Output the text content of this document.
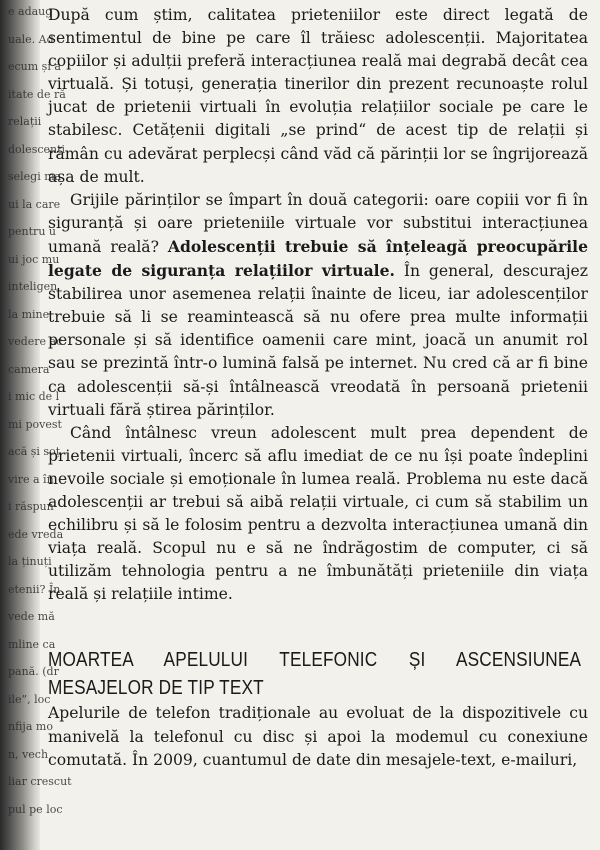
e adaug
uale. Ad
ecum și a
itate de ră
relații
dolescenți
selegi ma
ui la care
pentru u
ui joc mu
inteligen
la mine
vedere ac
camera
i mic de l
mi povest
acă și soț
vire a în
i răspun
ede vreda
la ținuți
etenii? În
vede mă
mline ca
pană. (dr
ile”, loc
nfija mo
n, vech
liar crescut
pul pe loc

După cum știm, calitatea prieteniilor este direct legată de sentimentul de bine pe care îl trăiesc adolescenții. Majoritatea copiilor și adulții preferă interacțiunea reală mai degrabă decât cea virtuală. Și totuși, generația tinerilor din prezent recunoaște rolul jucat de prietenii virtuali în evoluția relațiilor sociale pe care le stabilesc. Cetățenii digitali „se prind“ de acest tip de relații și rămân cu adevărat perplecși când văd că părinții lor se îngrijorează așa de mult.

Grijile părinților se împart în două categorii: oare copiii vor fi în siguranță și oare prieteniile virtuale vor substitui interacțiunea umană reală? Adolescenții trebuie să înțeleagă preocupările legate de siguranța relațiilor virtuale. În general, descurajez stabilirea unor asemenea relații înainte de liceu, iar adolescenților trebuie să li se reamintească să nu ofere prea multe informații personale și să identifice oamenii care mint, joacă un anumit rol sau se prezintă într-o lumină falsă pe internet. Nu cred că ar fi bine ca adolescenții să-și întâlnească vreodată în persoană prietenii virtuali fără știrea părinților.

Când întâlnesc vreun adolescent mult prea dependent de prietenii virtuali, încerc să aflu imediat de ce nu își poate îndeplini nevoile sociale și emoționale în lumea reală. Problema nu este dacă adolescenții ar trebui să aibă relații virtuale, ci cum să stabilim un echilibru și să le folosim pentru a dezvolta interacțiunea umană din viața reală. Scopul nu e să ne îndrăgostim de computer, ci să utilizăm tehnologia pentru a ne îmbunătăți prieteniile din viața reală și relațiile intime.

MOARTEA APELULUI TELEFONIC ȘI ASCENSIUNEA MESAJELOR DE TIP TEXT

Apelurile de telefon tradiționale au evoluat de la dispozitivele cu manivelă la telefonul cu disc și apoi la modemul cu conexiune comutată. În 2009, cuantumul de date din mesajele-text, e-mailuri,
